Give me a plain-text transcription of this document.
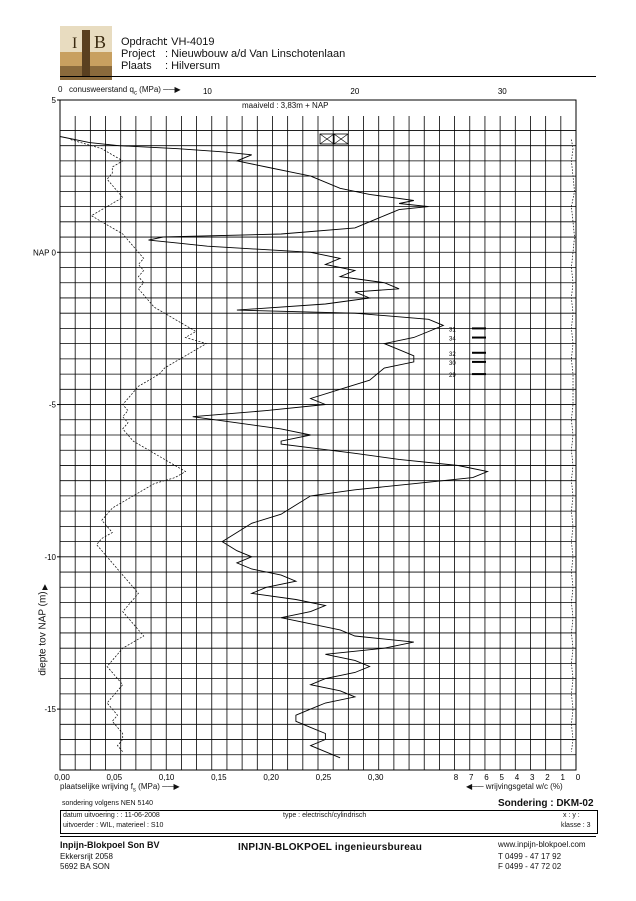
B
I	Opdracht
: VH-4019
Project : Nieuwbouw a/d Van Linschotenlaan
Plaats : Hilversum
10	20	30
5
NAP 0
-5
-10
-15
0,00	0,05	0,10	0,15	0,20	0,25	0,30	8 7 6 5 4 3 2 1 0
31
34
32
30
29
0 conusweerstand $q_c$ (MPa) ──▶
maaiveld : 3,83m + NAP
diepte tov NAP (m)
▲
plaatselijke wrijving $f_s$ (MPa) ──▶	◀── wrijvingsgetal w/c (%)
sondering volgens NEN 5140	Sondering : DKM-02
datum uitvoering : : 11-06-2008
uitvoerder : WIL, materieel : S10
type : electrisch/cylindrisch	x : y :
klasse : 3
Inpijn-Blokpoel Son BV
Ekkersrijt 2058
5692 BA SON
INPIJN-BLOKPOEL ingenieursbureau	www.inpijn-blokpoel.com
T 0499 - 47 17 92
F 0499 - 47 72 02
